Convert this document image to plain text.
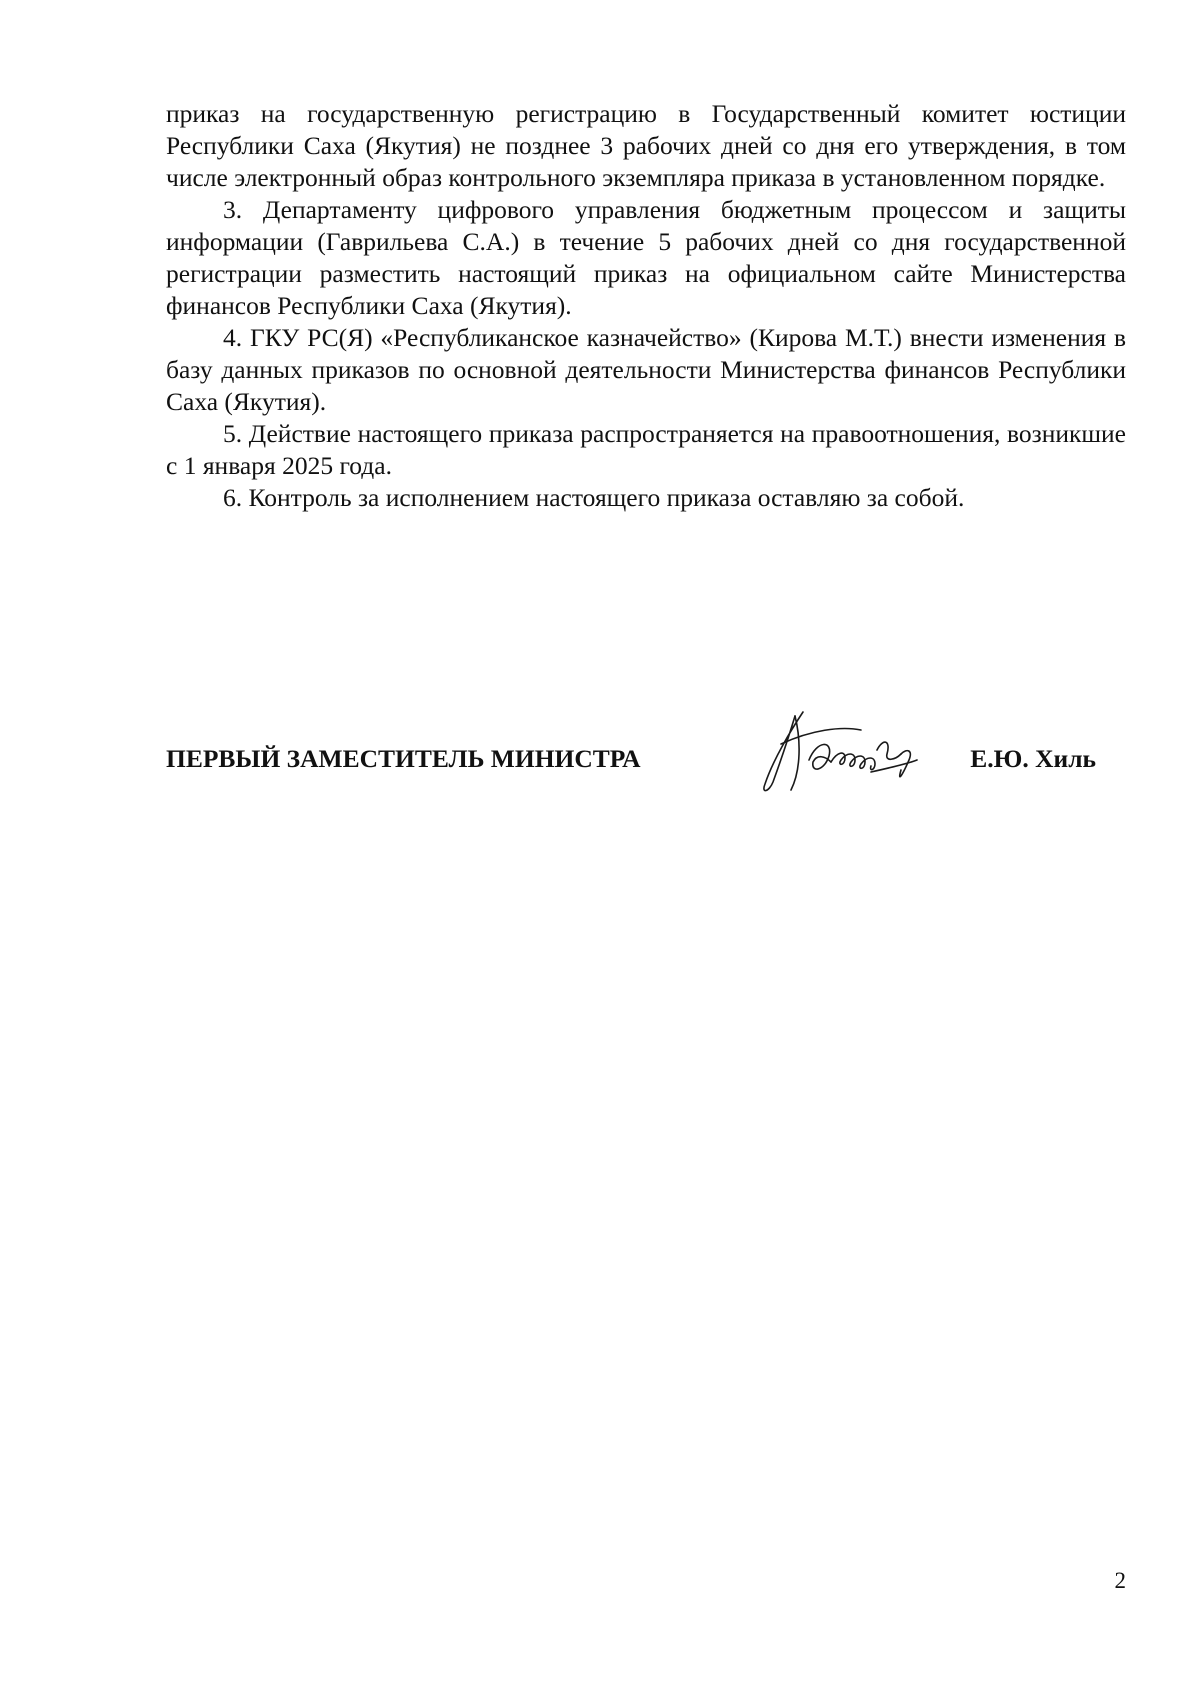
приказ на государственную регистрацию в Государственный комитет юстиции Республики Саха (Якутия) не позднее 3 рабочих дней со дня его утверждения, в том числе электронный образ контрольного экземпляра приказа в установленном порядке.

3. Департаменту цифрового управления бюджетным процессом и защиты информации (Гаврильева С.А.) в течение 5 рабочих дней со дня государственной регистрации разместить настоящий приказ на официальном сайте Министерства финансов Республики Саха (Якутия).

4. ГКУ РС(Я) «Республиканское казначейство» (Кирова М.Т.) внести изменения в базу данных приказов по основной деятельности Министерства финансов Республики Саха (Якутия).

5. Действие настоящего приказа распространяется на правоотношения, возникшие с 1 января 2025 года.

6. Контроль за исполнением настоящего приказа оставляю за собой.

ПЕРВЫЙ ЗАМЕСТИТЕЛЬ МИНИСТРА	Е.Ю. Хиль
2
